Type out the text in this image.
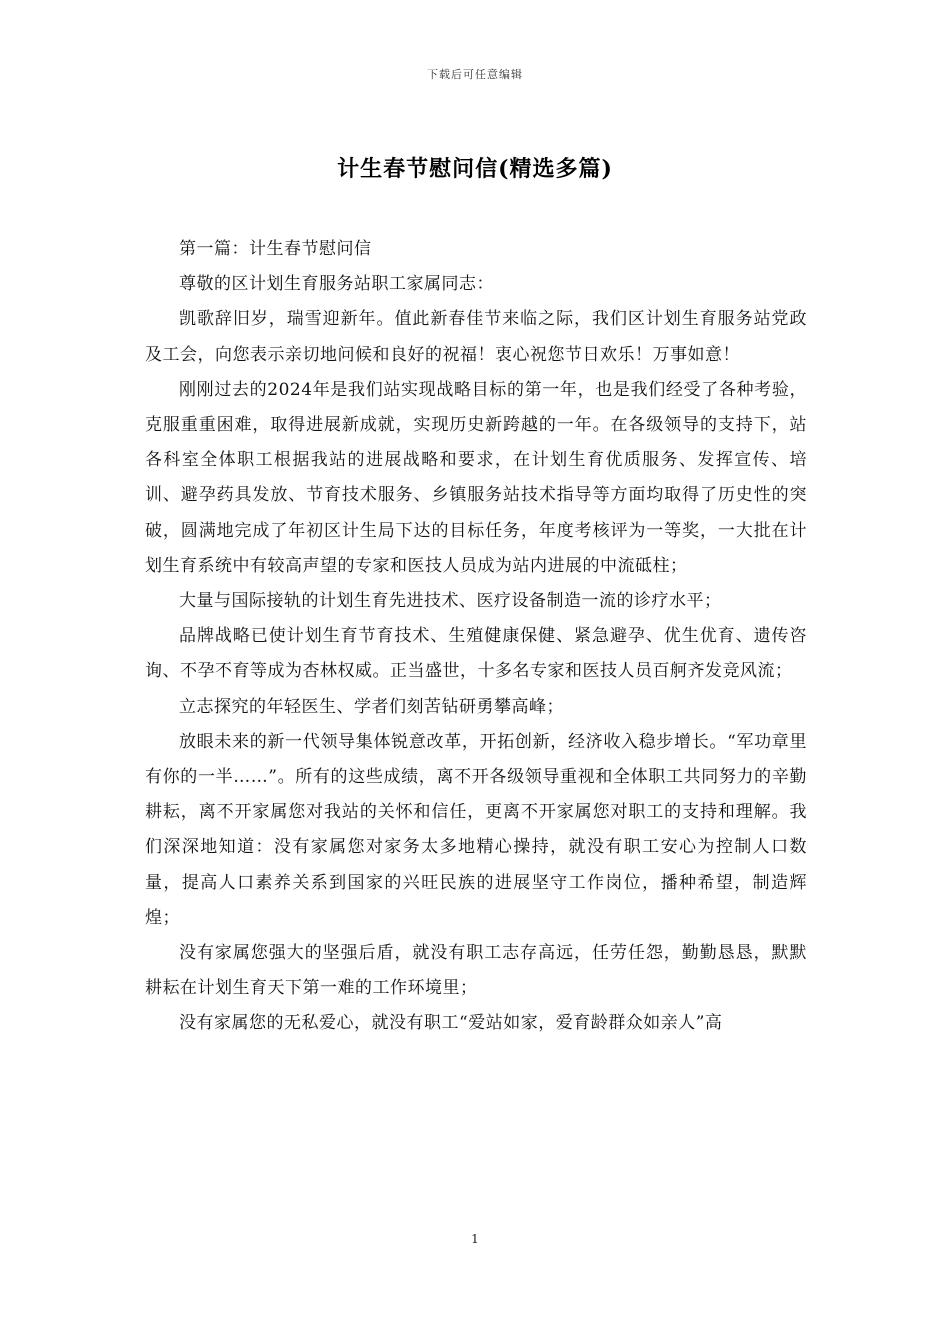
下载后可任意编辑
计生春节慰问信(精选多篇)

第一篇：计生春节慰问信

尊敬的区计划生育服务站职工家属同志：

凯歌辞旧岁，瑞雪迎新年。值此新春佳节来临之际，我们区计划生育服务站党政及工会，向您表示亲切地问候和良好的祝福！衷心祝您节日欢乐！万事如意！

刚刚过去的2024年是我们站实现战略目标的第一年，也是我们经受了各种考验，克服重重困难，取得进展新成就，实现历史新跨越的一年。在各级领导的支持下，站各科室全体职工根据我站的进展战略和要求，在计划生育优质服务、发挥宣传、培训、避孕药具发放、节育技术服务、乡镇服务站技术指导等方面均取得了历史性的突破，圆满地完成了年初区计生局下达的目标任务，年度考核评为一等奖，一大批在计划生育系统中有较高声望的专家和医技人员成为站内进展的中流砥柱；

大量与国际接轨的计划生育先进技术、医疗设备制造一流的诊疗水平；

品牌战略已使计划生育节育技术、生殖健康保健、紧急避孕、优生优育、遗传咨询、不孕不育等成为杏林权威。正当盛世，十多名专家和医技人员百舸齐发竞风流；

立志探究的年轻医生、学者们刻苦钻研勇攀高峰；

放眼未来的新一代领导集体锐意改革，开拓创新，经济收入稳步增长。“军功章里有你的一半……”。所有的这些成绩，离不开各级领导重视和全体职工共同努力的辛勤耕耘，离不开家属您对我站的关怀和信任，更离不开家属您对职工的支持和理解。我们深深地知道：没有家属您对家务太多地精心操持，就没有职工安心为控制人口数量，提高人口素养关系到国家的兴旺民族的进展坚守工作岗位，播种希望，制造辉煌；

没有家属您强大的坚强后盾，就没有职工志存高远，任劳任怨，勤勤恳恳，默默耕耘在计划生育天下第一难的工作环境里；

没有家属您的无私爱心，就没有职工“爱站如家，爱育龄群众如亲人”高

1
